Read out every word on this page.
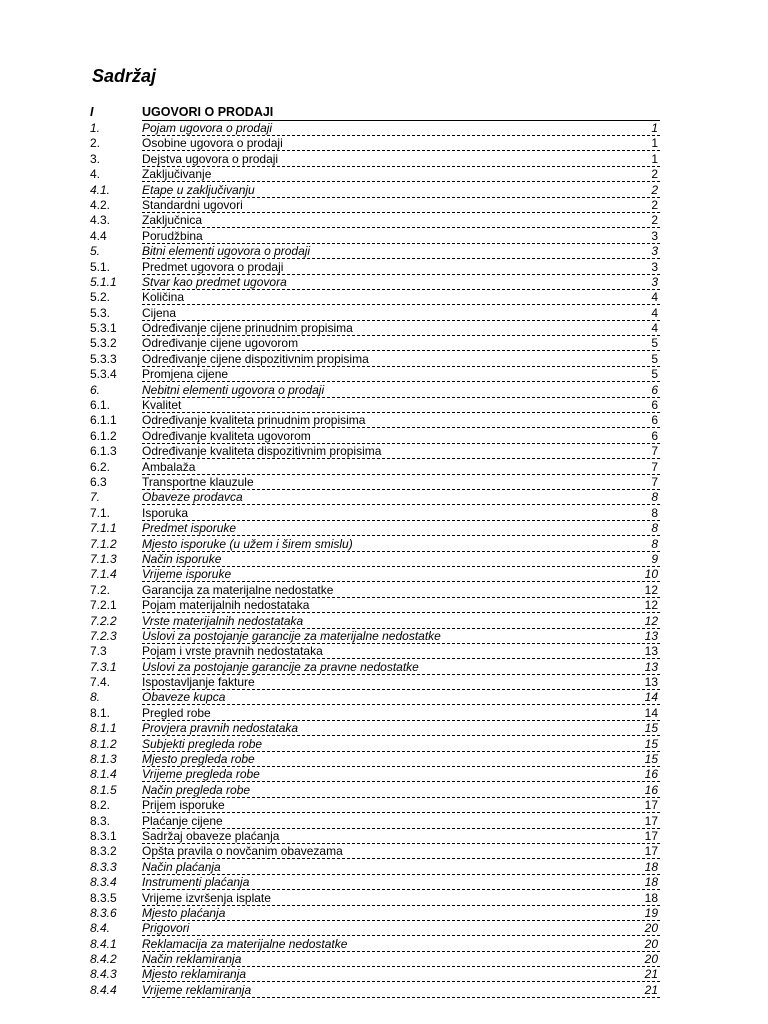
Sadržaj
I	UGOVORI O PRODAJI
1.	Pojam ugovora o prodaji	1
2.	Osobine ugovora o prodaji	1
3.	Dejstva ugovora o prodaji	1
4.	Zaključivanje	2
4.1.	Etape u zaključivanju	2
4.2.	Standardni ugovori	2
4.3.	Zaključnica	2
4.4	Porudžbina	3
5.	Bitni elementi ugovora o prodaji	3
5.1.	Predmet ugovora o prodaji	3
5.1.1	Stvar kao predmet ugovora	3
5.2.	Količina	4
5.3.	Cijena	4
5.3.1	Određivanje cijene prinudnim propisima	4
5.3.2	Određivanje cijene ugovorom	5
5.3.3	Određivanje cijene dispozitivnim propisima	5
5.3.4	Promjena cijene	5
6.	Nebitni elementi ugovora o prodaji	6
6.1.	Kvalitet	6
6.1.1	Određivanje kvaliteta prinudnim propisima	6
6.1.2	Određivanje kvaliteta ugovorom	6
6.1.3	Određivanje kvaliteta dispozitivnim propisima	7
6.2.	Ambalaža	7
6.3	Transportne klauzule	7
7.	Obaveze prodavca	8
7.1.	Isporuka	8
7.1.1	Predmet isporuke	8
7.1.2	Mjesto isporuke (u užem i širem smislu)	8
7.1.3	Način isporuke	9
7.1.4	Vrijeme isporuke	10
7.2.	Garancija za materijalne nedostatke	12
7.2.1	Pojam materijalnih nedostataka	12
7.2.2	Vrste materijalnih nedostataka	12
7.2.3	Uslovi za postojanje garancije za materijalne nedostatke	13
7.3	Pojam i vrste pravnih nedostataka	13
7.3.1	Uslovi za postojanje garancije za pravne nedostatke	13
7.4.	Ispostavljanje fakture	13
8.	Obaveze kupca	14
8.1.	Pregled robe	14
8.1.1	Provjera pravnih nedostataka	15
8.1.2	Subjekti pregleda robe	15
8.1.3	Mjesto pregleda robe	15
8.1.4	Vrijeme pregleda robe	16
8.1.5	Način pregleda robe	16
8.2.	Prijem isporuke	17
8.3.	Plaćanje cijene	17
8.3.1	Sadržaj obaveze plaćanja	17
8.3.2	Opšta pravila o novčanim obavezama	17
8.3.3	Način plaćanja	18
8.3.4	Instrumenti plaćanja	18
8.3.5	Vrijeme izvršenja isplate	18
8.3.6	Mjesto plaćanja	19
8.4.	Prigovori	20
8.4.1	Reklamacija za materijalne nedostatke	20
8.4.2	Način reklamiranja	20
8.4.3	Mjesto reklamiranja	21
8.4.4	Vrijeme reklamiranja	21
